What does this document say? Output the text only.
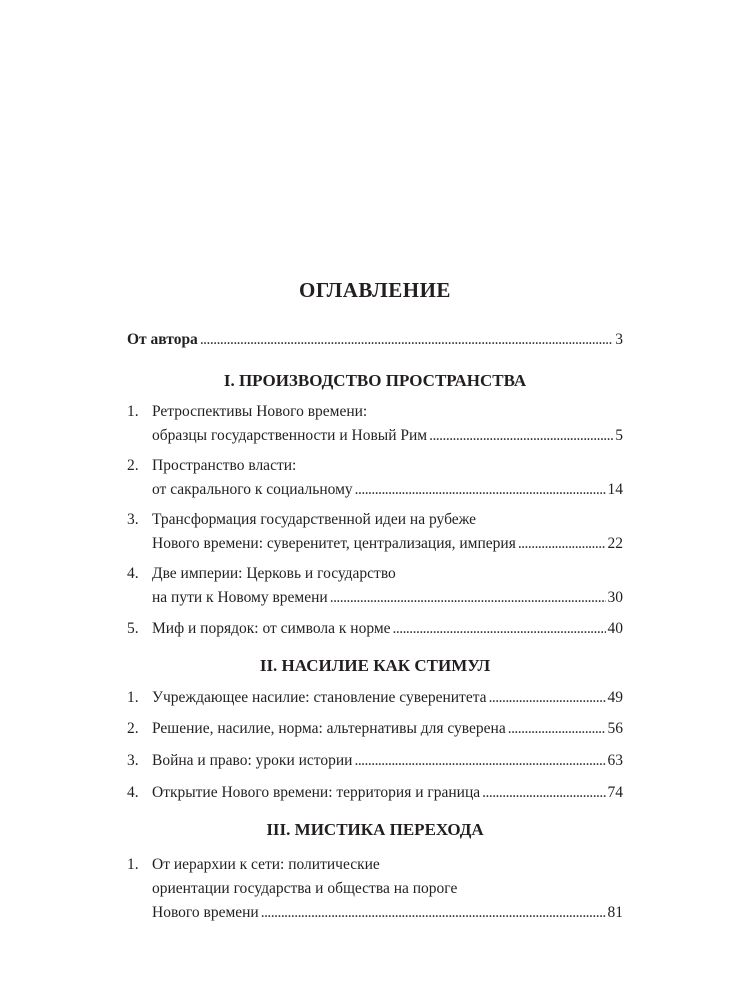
ОГЛАВЛЕНИЕ
От автора . . .	3
I. ПРОИЗВОДСТВО ПРОСТРАНСТВА
1. Ретроспективы Нового времени:
образцы государственности и Новый Рим . . .	5
2. Пространство власти:
от сакрального к социальному . . .	14
3. Трансформация государственной идеи на рубеже
Нового времени: суверенитет, централизация, империя . . .	22
4. Две империи: Церковь и государство
на пути к Новому времени . . .	30
5. Миф и порядок: от символа к норме . . .	40
II. НАСИЛИЕ КАК СТИМУЛ
1. Учреждающее насилие: становление суверенитета . . .	49
2. Решение, насилие, норма: альтернативы для суверена . . .	56
3. Война и право: уроки истории . . .	63
4. Открытие Нового времени: территория и граница . . .	74
III. МИСТИКА ПЕРЕХОДА
1. От иерархии к сети: политические
ориентации государства и общества на пороге
Нового времени . . .	81
